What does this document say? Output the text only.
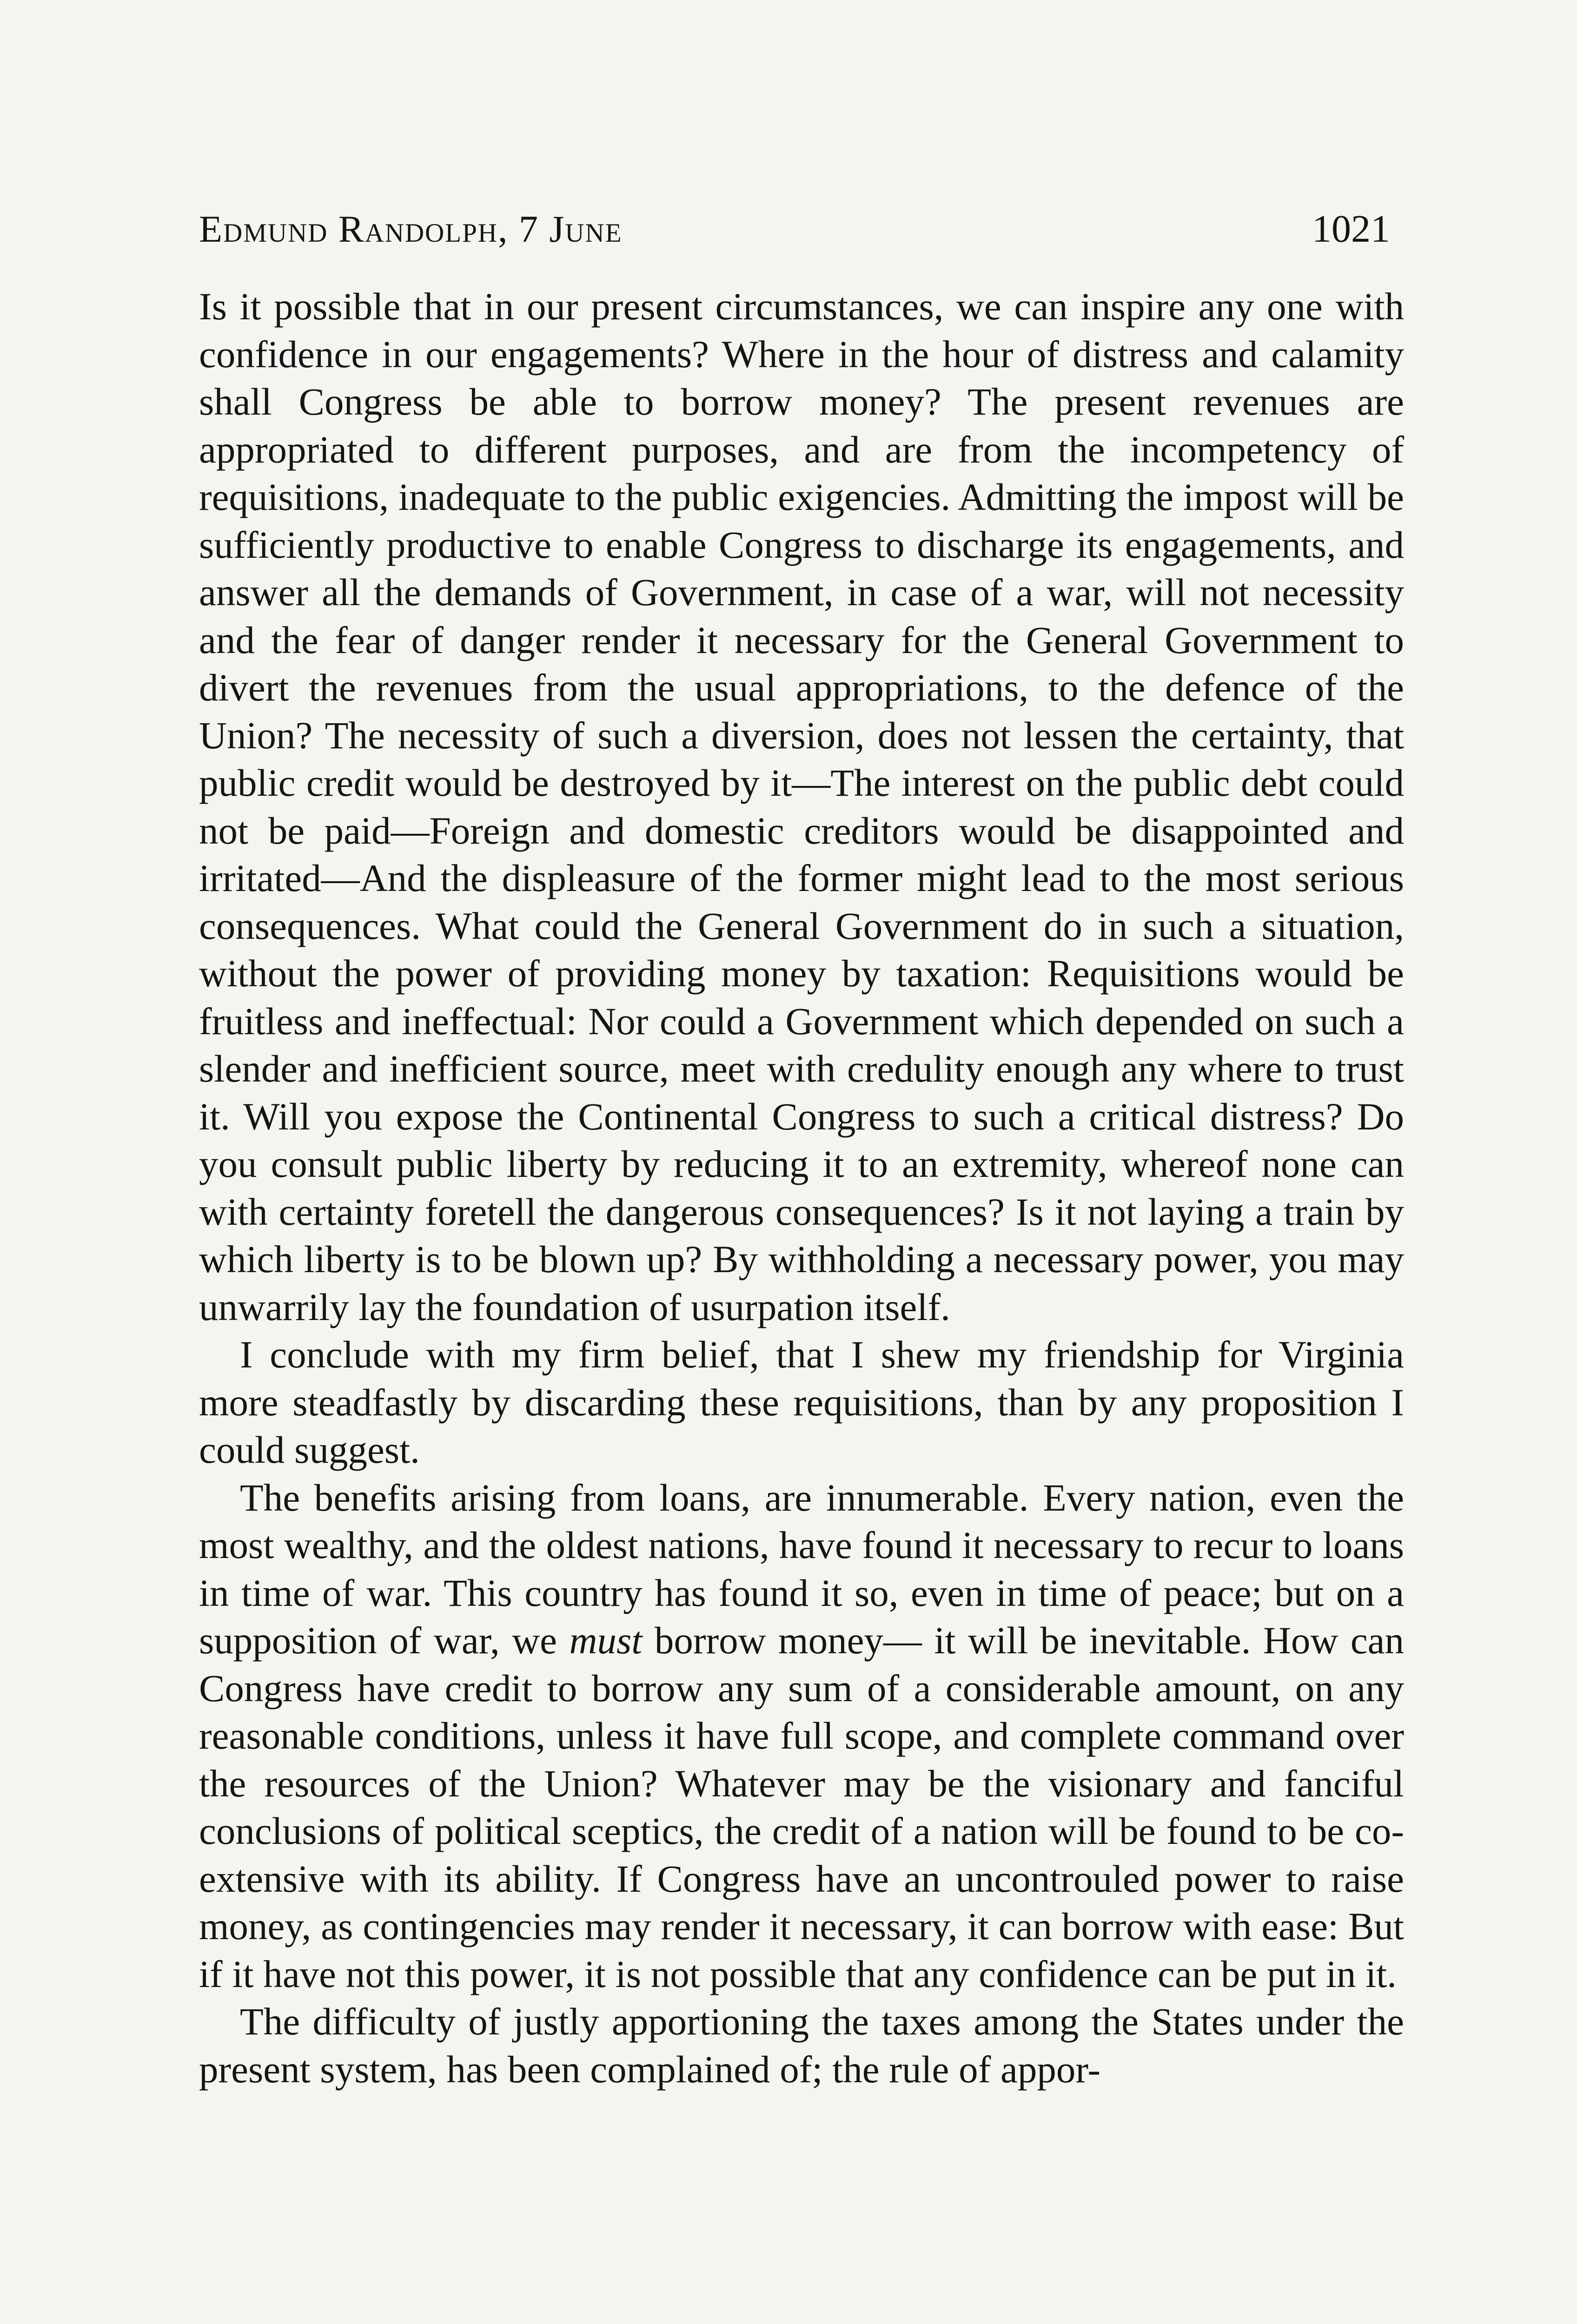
Edmund Randolph, 7 June	1021

Is it possible that in our present circumstances, we can inspire any one with confidence in our engagements? Where in the hour of distress and calamity shall Congress be able to borrow money? The present revenues are appropriated to different purposes, and are from the incompetency of requisitions, inadequate to the public exigencies. Admitting the impost will be sufficiently productive to enable Congress to discharge its engagements, and answer all the demands of Government, in case of a war, will not necessity and the fear of danger render it necessary for the General Government to divert the revenues from the usual appropriations, to the defence of the Union? The necessity of such a diversion, does not lessen the certainty, that public credit would be destroyed by it—The interest on the public debt could not be paid—Foreign and domestic creditors would be disappointed and irritated—And the displeasure of the former might lead to the most serious consequences. What could the General Government do in such a situation, without the power of providing money by taxation: Requisitions would be fruitless and ineffectual: Nor could a Government which depended on such a slender and inefficient source, meet with credulity enough any where to trust it. Will you expose the Continental Congress to such a critical distress? Do you consult public liberty by reducing it to an extremity, whereof none can with certainty foretell the dangerous consequences? Is it not laying a train by which liberty is to be blown up? By withholding a necessary power, you may unwarrily lay the foundation of usurpation itself.

I conclude with my firm belief, that I shew my friendship for Virginia more steadfastly by discarding these requisitions, than by any proposition I could suggest.

The benefits arising from loans, are innumerable. Every nation, even the most wealthy, and the oldest nations, have found it necessary to recur to loans in time of war. This country has found it so, even in time of peace; but on a supposition of war, we must borrow money— it will be inevitable. How can Congress have credit to borrow any sum of a considerable amount, on any reasonable conditions, unless it have full scope, and complete command over the resources of the Union? Whatever may be the visionary and fanciful conclusions of political sceptics, the credit of a nation will be found to be co-extensive with its ability. If Congress have an uncontrouled power to raise money, as contingencies may render it necessary, it can borrow with ease: But if it have not this power, it is not possible that any confidence can be put in it.

The difficulty of justly apportioning the taxes among the States under the present system, has been complained of; the rule of appor-
